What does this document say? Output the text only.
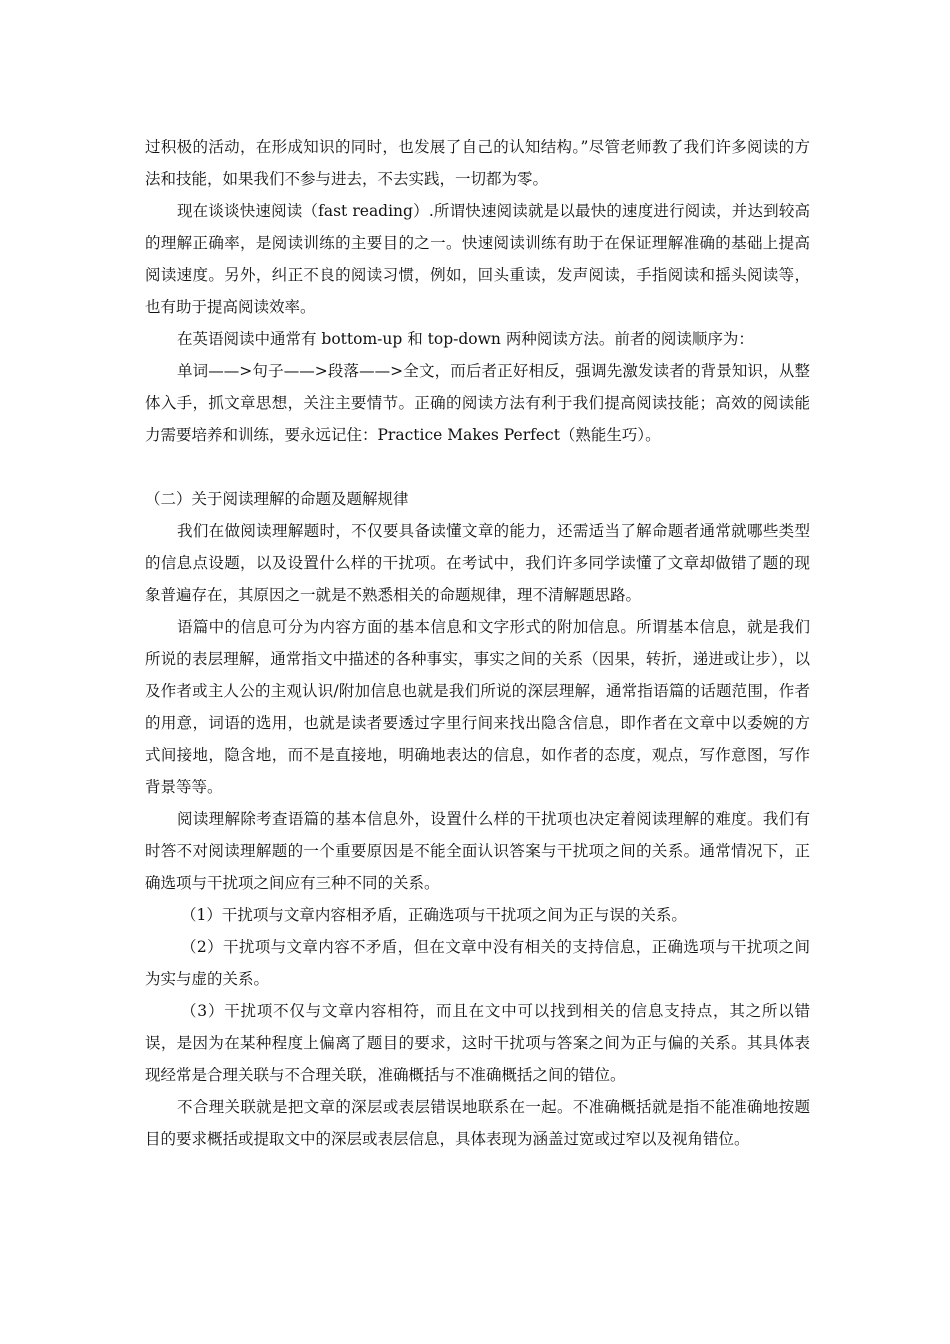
过积极的活动，在形成知识的同时，也发展了自己的认知结构。”尽管老师教了我们许多阅读的方法和技能，如果我们不参与进去，不去实践，一切都为零。

现在谈谈快速阅读（fast reading）.所谓快速阅读就是以最快的速度进行阅读，并达到较高的理解正确率，是阅读训练的主要目的之一。快速阅读训练有助于在保证理解准确的基础上提高阅读速度。另外，纠正不良的阅读习惯，例如，回头重读，发声阅读，手指阅读和摇头阅读等，也有助于提高阅读效率。

在英语阅读中通常有 bottom-up 和 top-down 两种阅读方法。前者的阅读顺序为：

单词——>句子——>段落——>全文，而后者正好相反，强调先激发读者的背景知识，从整体入手，抓文章思想，关注主要情节。正确的阅读方法有利于我们提高阅读技能；高效的阅读能力需要培养和训练，要永远记住：Practice Makes Perfect（熟能生巧）。

（二）关于阅读理解的命题及题解规律

我们在做阅读理解题时，不仅要具备读懂文章的能力，还需适当了解命题者通常就哪些类型的信息点设题，以及设置什么样的干扰项。在考试中，我们许多同学读懂了文章却做错了题的现象普遍存在，其原因之一就是不熟悉相关的命题规律，理不清解题思路。

语篇中的信息可分为内容方面的基本信息和文字形式的附加信息。所谓基本信息，就是我们所说的表层理解，通常指文中描述的各种事实，事实之间的关系（因果，转折，递进或让步），以及作者或主人公的主观认识/附加信息也就是我们所说的深层理解，通常指语篇的话题范围，作者的用意，词语的选用，也就是读者要透过字里行间来找出隐含信息，即作者在文章中以委婉的方式间接地，隐含地，而不是直接地，明确地表达的信息，如作者的态度，观点，写作意图，写作背景等等。

阅读理解除考查语篇的基本信息外，设置什么样的干扰项也决定着阅读理解的难度。我们有时答不对阅读理解题的一个重要原因是不能全面认识答案与干扰项之间的关系。通常情况下，正确选项与干扰项之间应有三种不同的关系。

（1）干扰项与文章内容相矛盾，正确选项与干扰项之间为正与误的关系。

（2）干扰项与文章内容不矛盾，但在文章中没有相关的支持信息，正确选项与干扰项之间为实与虚的关系。

（3）干扰项不仅与文章内容相符，而且在文中可以找到相关的信息支持点，其之所以错误，是因为在某种程度上偏离了题目的要求，这时干扰项与答案之间为正与偏的关系。其具体表现经常是合理关联与不合理关联，准确概括与不准确概括之间的错位。

不合理关联就是把文章的深层或表层错误地联系在一起。不准确概括就是指不能准确地按题目的要求概括或提取文中的深层或表层信息，具体表现为涵盖过宽或过窄以及视角错位。
